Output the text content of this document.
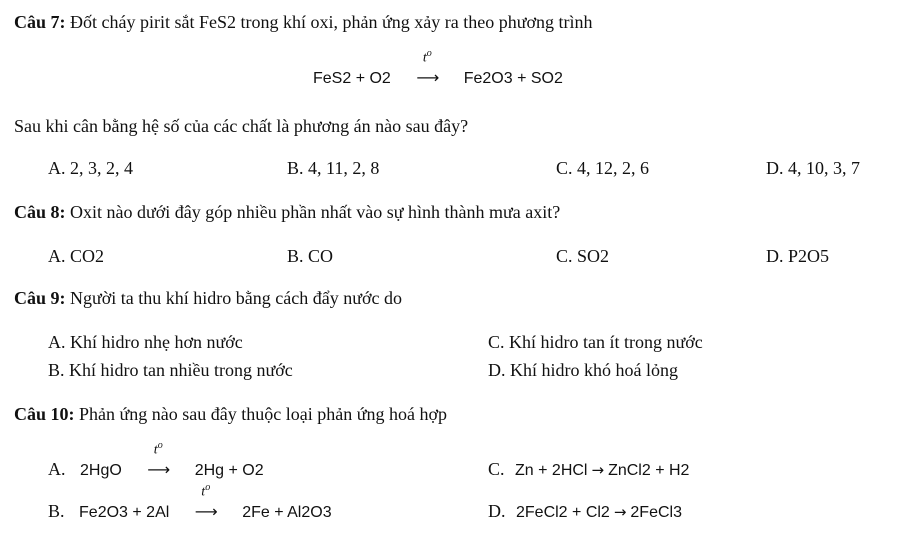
Câu 7: Đốt cháy pirit sắt FeS2 trong khí oxi, phản ứng xảy ra theo phương trình
FeS2 + O2
$t^o$
⟶ Fe2O3 + SO2
Sau khi cân bằng hệ số của các chất là phương án nào sau đây?
A. 2, 3, 2, 4	B. 4, 11, 2, 8	C. 4, 12, 2, 6	D. 4, 10, 3, 7
Câu 8: Oxit nào dưới đây góp nhiều phần nhất vào sự hình thành mưa axit?
A. CO2	B. CO	C. SO2	D. P2O5
Câu 9: Người ta thu khí hidro bằng cách đẩy nước do
A. Khí hidro nhẹ hơn nước	C. Khí hidro tan ít trong nước
B. Khí hidro tan nhiều trong nước	D. Khí hidro khó hoá lỏng
Câu 10: Phản ứng nào sau đây thuộc loại phản ứng hoá hợp
A. 2HgO
$t^o$
⟶ 2Hg + O2	C. Zn + 2HCl → ZnCl2 + H2
B. Fe2O3 + 2Al
$t^o$
⟶ 2Fe + Al2O3	D. 2FeCl2 + Cl2 → 2FeCl3
